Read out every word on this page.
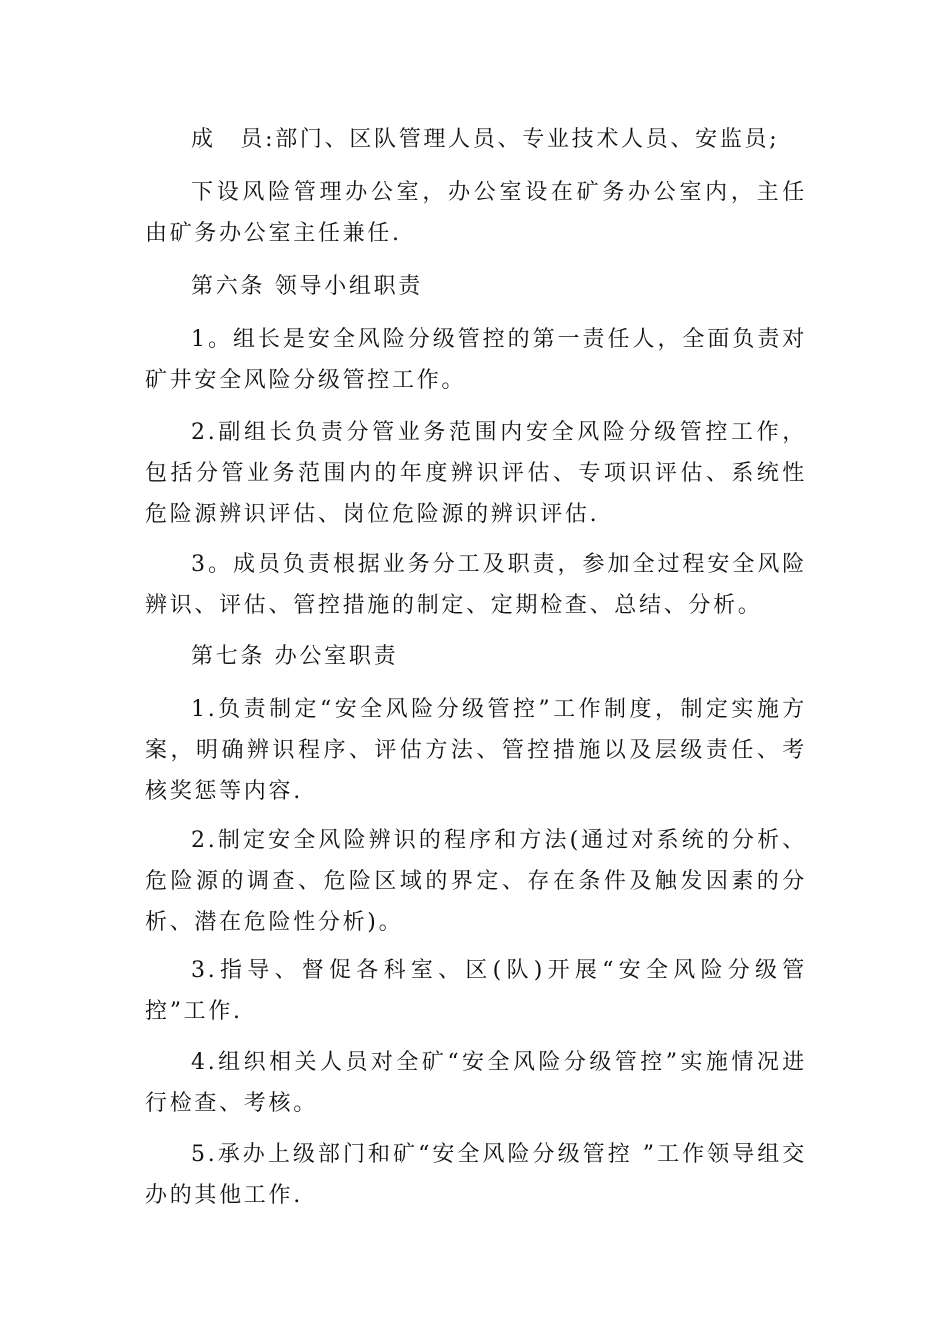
成　员:部门、区队管理人员、专业技术人员、安监员;

下设风险管理办公室，办公室设在矿务办公室内，主任由矿务办公室主任兼任.

第六条 领导小组职责

1。组长是安全风险分级管控的第一责任人，全面负责对矿井安全风险分级管控工作。

2.副组长负责分管业务范围内安全风险分级管控工作，包括分管业务范围内的年度辨识评估、专项识评估、系统性危险源辨识评估、岗位危险源的辨识评估.

3。成员负责根据业务分工及职责，参加全过程安全风险辨识、评估、管控措施的制定、定期检查、总结、分析。

第七条 办公室职责

1.负责制定“安全风险分级管控”工作制度，制定实施方案，明确辨识程序、评估方法、管控措施以及层级责任、考核奖惩等内容.

2.制定安全风险辨识的程序和方法(通过对系统的分析、危险源的调查、危险区域的界定、存在条件及触发因素的分析、潜在危险性分析)。

3.指导、督促各科室、区(队)开展“安全风险分级管控”工作.

4.组织相关人员对全矿“安全风险分级管控”实施情况进行检查、考核。

5.承办上级部门和矿“安全风险分级管控 ”工作领导组交办的其他工作.
